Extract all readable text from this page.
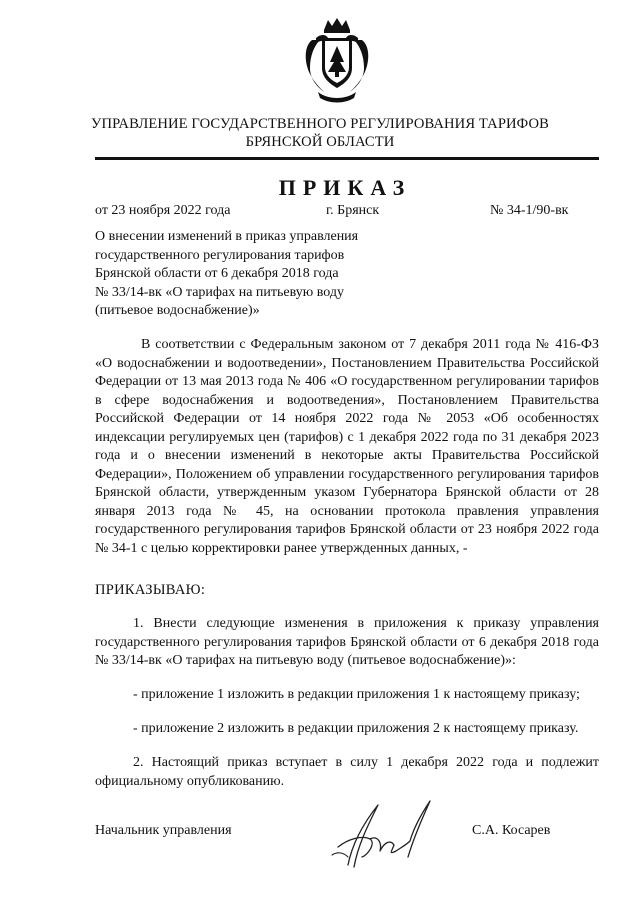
УПРАВЛЕНИЕ ГОСУДАРСТВЕННОГО РЕГУЛИРОВАНИЯ ТАРИФОВ
БРЯНСКОЙ ОБЛАСТИ
ПРИКАЗ
от 23 ноября 2022 года	г. Брянск	№ 34-1/90-вк
О внесении изменений в приказ управления
государственного регулирования тарифов
Брянской области от 6 декабря 2018 года
№ 33/14-вк «О тарифах на питьевую воду
(питьевое водоснабжение)»
В соответствии с Федеральным законом от 7 декабря 2011 года № 416-ФЗ «О водоснабжении и водоотведении», Постановлением Правительства Российской Федерации от 13 мая 2013 года № 406 «О государственном регулировании тарифов в сфере водоснабжения и водоотведения», Постановлением Правительства Российской Федерации от 14 ноября 2022 года № 2053 «Об особенностях индексации регулируемых цен (тарифов) с 1 декабря 2022 года по 31 декабря 2023 года и о внесении изменений в некоторые акты Правительства Российской Федерации», Положением об управлении государственного регулирования тарифов Брянской области, утвержденным указом Губернатора Брянской области от 28 января 2013 года № 45, на основании протокола правления управления государственного регулирования тарифов Брянской области от 23 ноября 2022 года № 34-1 с целью корректировки ранее утвержденных данных, -
ПРИКАЗЫВАЮ:
1. Внести следующие изменения в приложения к приказу управления государственного регулирования тарифов Брянской области от 6 декабря 2018 года № 33/14-вк «О тарифах на питьевую воду (питьевое водоснабжение)»:
- приложение 1 изложить в редакции приложения 1 к настоящему приказу;
- приложение 2 изложить в редакции приложения 2 к настоящему приказу.
2. Настоящий приказ вступает в силу 1 декабря 2022 года и подлежит официальному опубликованию.
Начальник управления	С.А. Косарев
